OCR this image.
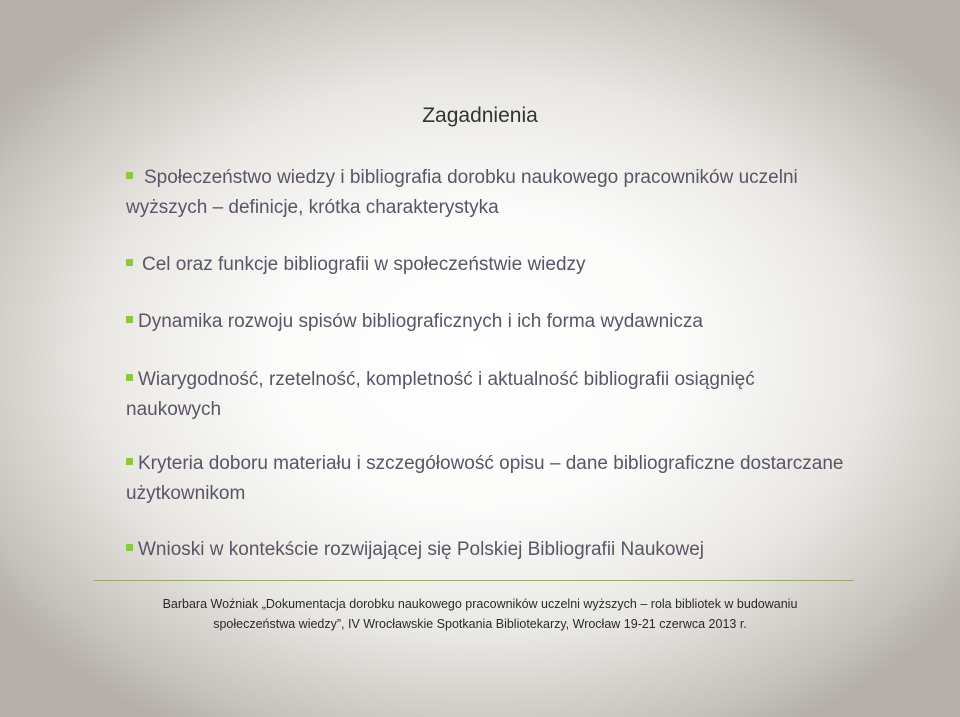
Zagadnienia
Społeczeństwo wiedzy i bibliografia dorobku naukowego pracowników uczelni wyższych – definicje, krótka charakterystyka
Cel oraz funkcje bibliografii w społeczeństwie wiedzy
Dynamika rozwoju spisów bibliograficznych i ich forma wydawnicza
Wiarygodność, rzetelność, kompletność i aktualność bibliografii osiągnięć naukowych
Kryteria doboru materiału i szczegółowość opisu – dane bibliograficzne dostarczane użytkownikom
Wnioski w kontekście rozwijającej się Polskiej Bibliografii Naukowej
Barbara Woźniak „Dokumentacja dorobku naukowego pracowników uczelni wyższych – rola bibliotek w budowaniu
społeczeństwa wiedzy”, IV Wrocławskie Spotkania Bibliotekarzy, Wrocław 19-21 czerwca 2013 r.
